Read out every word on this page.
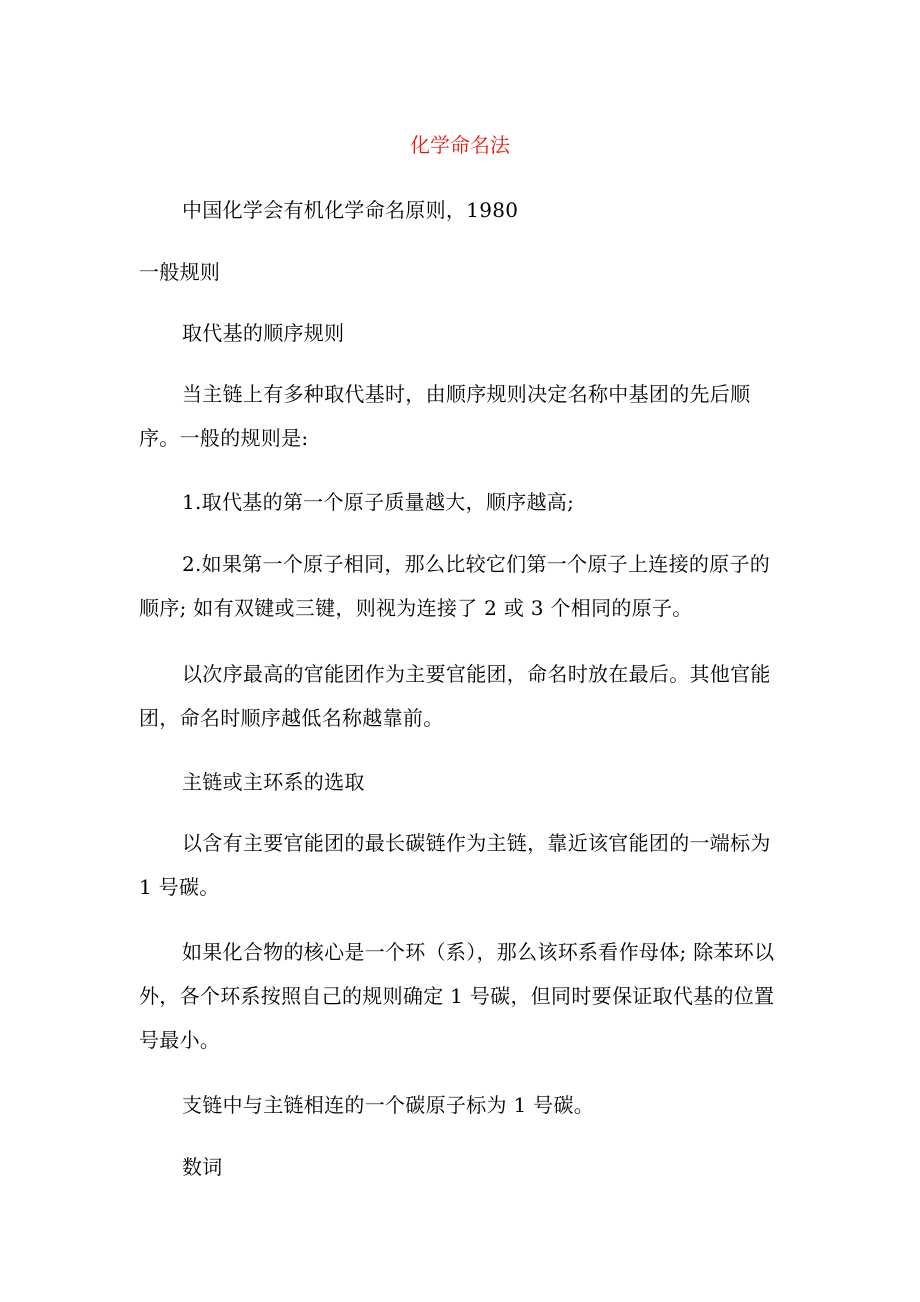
化学命名法

中国化学会有机化学命名原则，1980

一般规则

取代基的顺序规则

当主链上有多种取代基时，由顺序规则决定名称中基团的先后顺序。一般的规则是:

1.取代基的第一个原子质量越大，顺序越高;

2.如果第一个原子相同，那么比较它们第一个原子上连接的原子的顺序; 如有双键或三键，则视为连接了 2 或 3 个相同的原子。

以次序最高的官能团作为主要官能团，命名时放在最后。其他官能团，命名时顺序越低名称越靠前。

主链或主环系的选取

以含有主要官能团的最长碳链作为主链，靠近该官能团的一端标为 1 号碳。

如果化合物的核心是一个环（系），那么该环系看作母体; 除苯环以外，各个环系按照自己的规则确定 1 号碳，但同时要保证取代基的位置号最小。

支链中与主链相连的一个碳原子标为 1 号碳。

数词
